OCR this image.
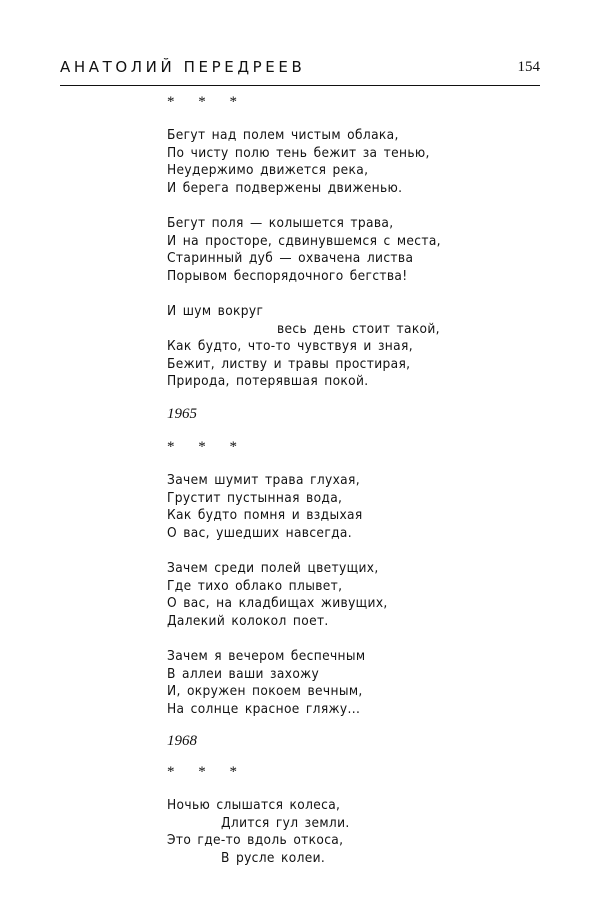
АНАТОЛИЙ ПЕРЕДРЕЕВ	154
* * *
Бегут над полем чистым облака,
По чисту полю тень бежит за тенью,
Неудержимо движется река,
И берега подвержены движенью.
Бегут поля — колышется трава,
И на просторе, сдвинувшемся с места,
Старинный дуб — охвачена листва
Порывом беспорядочного бегства!
И шум вокруг
весь день стоит такой,
Как будто, что-то чувствуя и зная,
Бежит, листву и травы простирая,
Природа, потерявшая покой.
1965
* * *
Зачем шумит трава глухая,
Грустит пустынная вода,
Как будто помня и вздыхая
О вас, ушедших навсегда.
Зачем среди полей цветущих,
Где тихо облако плывет,
О вас, на кладбищах живущих,
Далекий колокол поет.
Зачем я вечером беспечным
В аллеи ваши захожу
И, окружен покоем вечным,
На солнце красное гляжу...
1968
* * *
Ночью слышатся колеса,
Длится гул земли.
Это где-то вдоль откоса,
В русле колеи.
